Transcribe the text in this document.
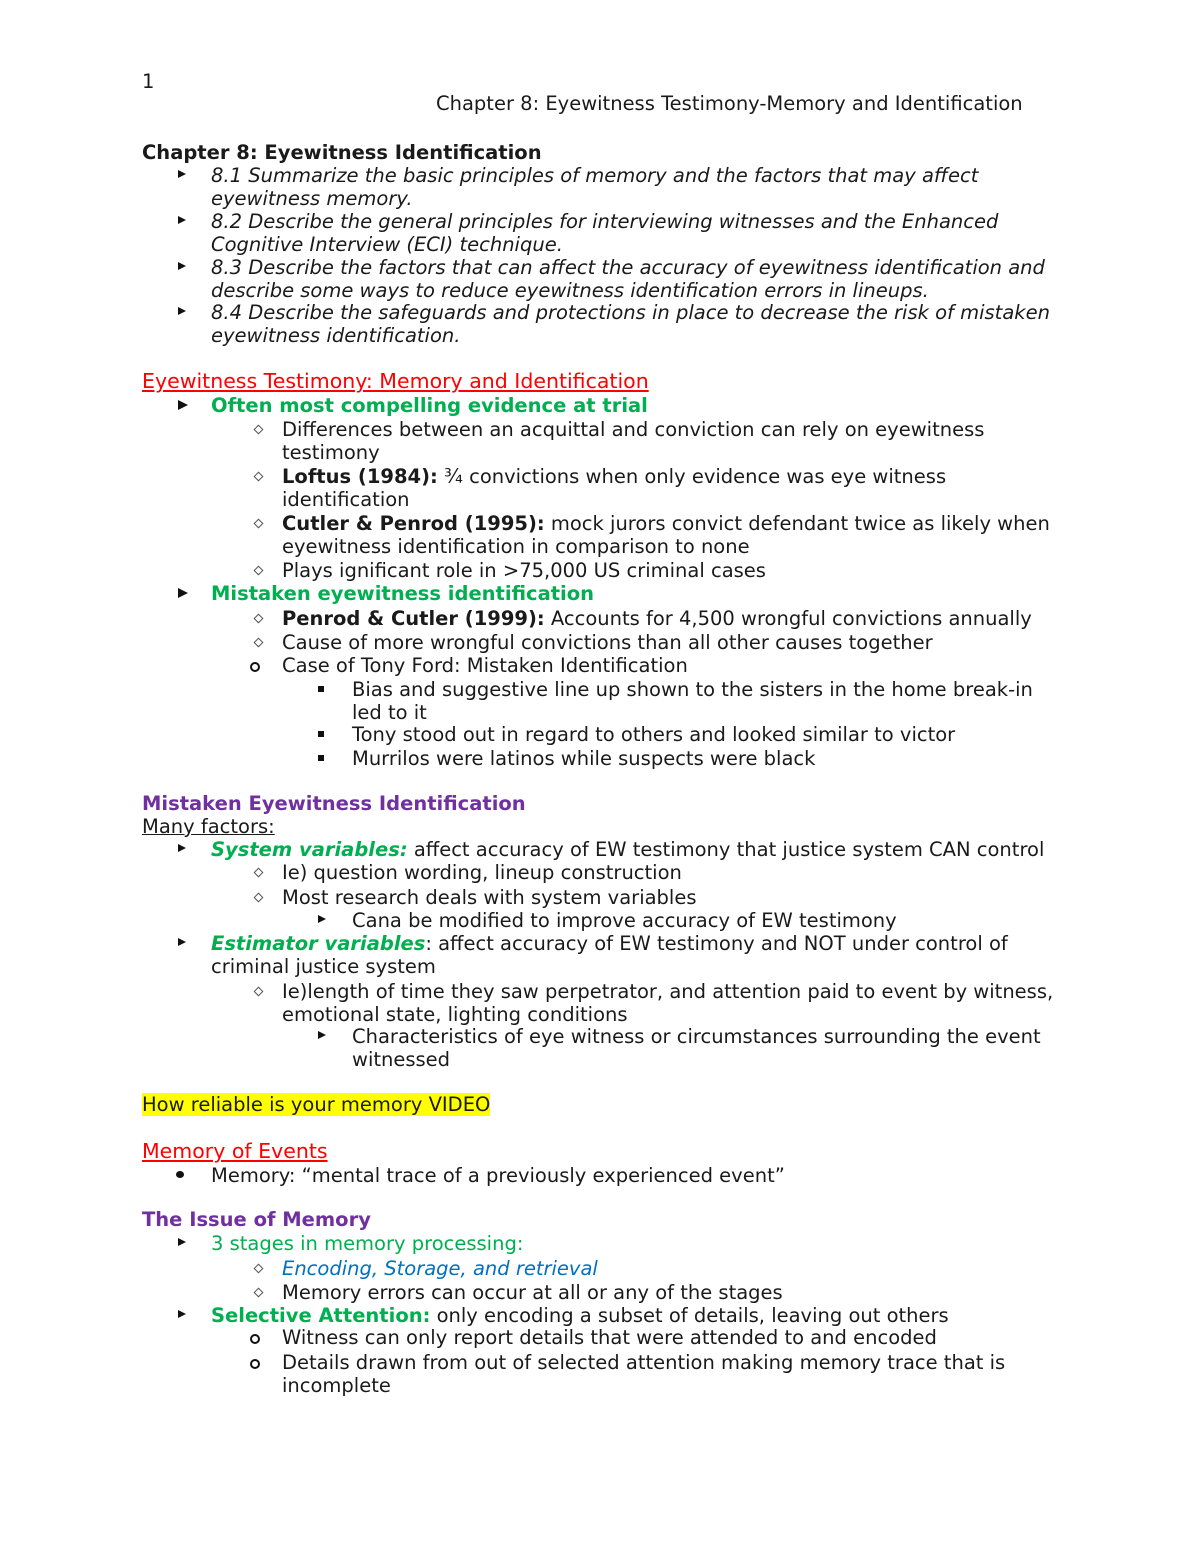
1
Chapter 8: Eyewitness Testimony-Memory and Identification
Chapter 8: Eyewitness Identification
8.1 Summarize the basic principles of memory and the factors that may affect
eyewitness memory.
8.2 Describe the general principles for interviewing witnesses and the Enhanced
Cognitive Interview (ECI) technique.
8.3 Describe the factors that can affect the accuracy of eyewitness identification and
describe some ways to reduce eyewitness identification errors in lineups.
8.4 Describe the safeguards and protections in place to decrease the risk of mistaken
eyewitness identification.
Eyewitness Testimony: Memory and Identification
Often most compelling evidence at trial
Differences between an acquittal and conviction can rely on eyewitness
testimony
Loftus (1984): ¾ convictions when only evidence was eye witness
identification
Cutler & Penrod (1995): mock jurors convict defendant twice as likely when
eyewitness identification in comparison to none
Plays ignificant role in >75,000 US criminal cases
Mistaken eyewitness identification
Penrod & Cutler (1999): Accounts for 4,500 wrongful convictions annually
Cause of more wrongful convictions than all other causes together
Case of Tony Ford: Mistaken Identification
Bias and suggestive line up shown to the sisters in the home break-in
led to it
Tony stood out in regard to others and looked similar to victor
Murrilos were latinos while suspects were black
Mistaken Eyewitness Identification
Many factors:
System variables: affect accuracy of EW testimony that justice system CAN control
Ie) question wording, lineup construction
Most research deals with system variables
Cana be modified to improve accuracy of EW testimony
Estimator variables: affect accuracy of EW testimony and NOT under control of
criminal justice system
Ie)length of time they saw perpetrator, and attention paid to event by witness,
emotional state, lighting conditions
Characteristics of eye witness or circumstances surrounding the event
witnessed
How reliable is your memory VIDEO
Memory of Events
Memory: “mental trace of a previously experienced event”
The Issue of Memory
3 stages in memory processing:
Encoding, Storage, and retrieval
Memory errors can occur at all or any of the stages
Selective Attention: only encoding a subset of details, leaving out others
Witness can only report details that were attended to and encoded
Details drawn from out of selected attention making memory trace that is
incomplete
